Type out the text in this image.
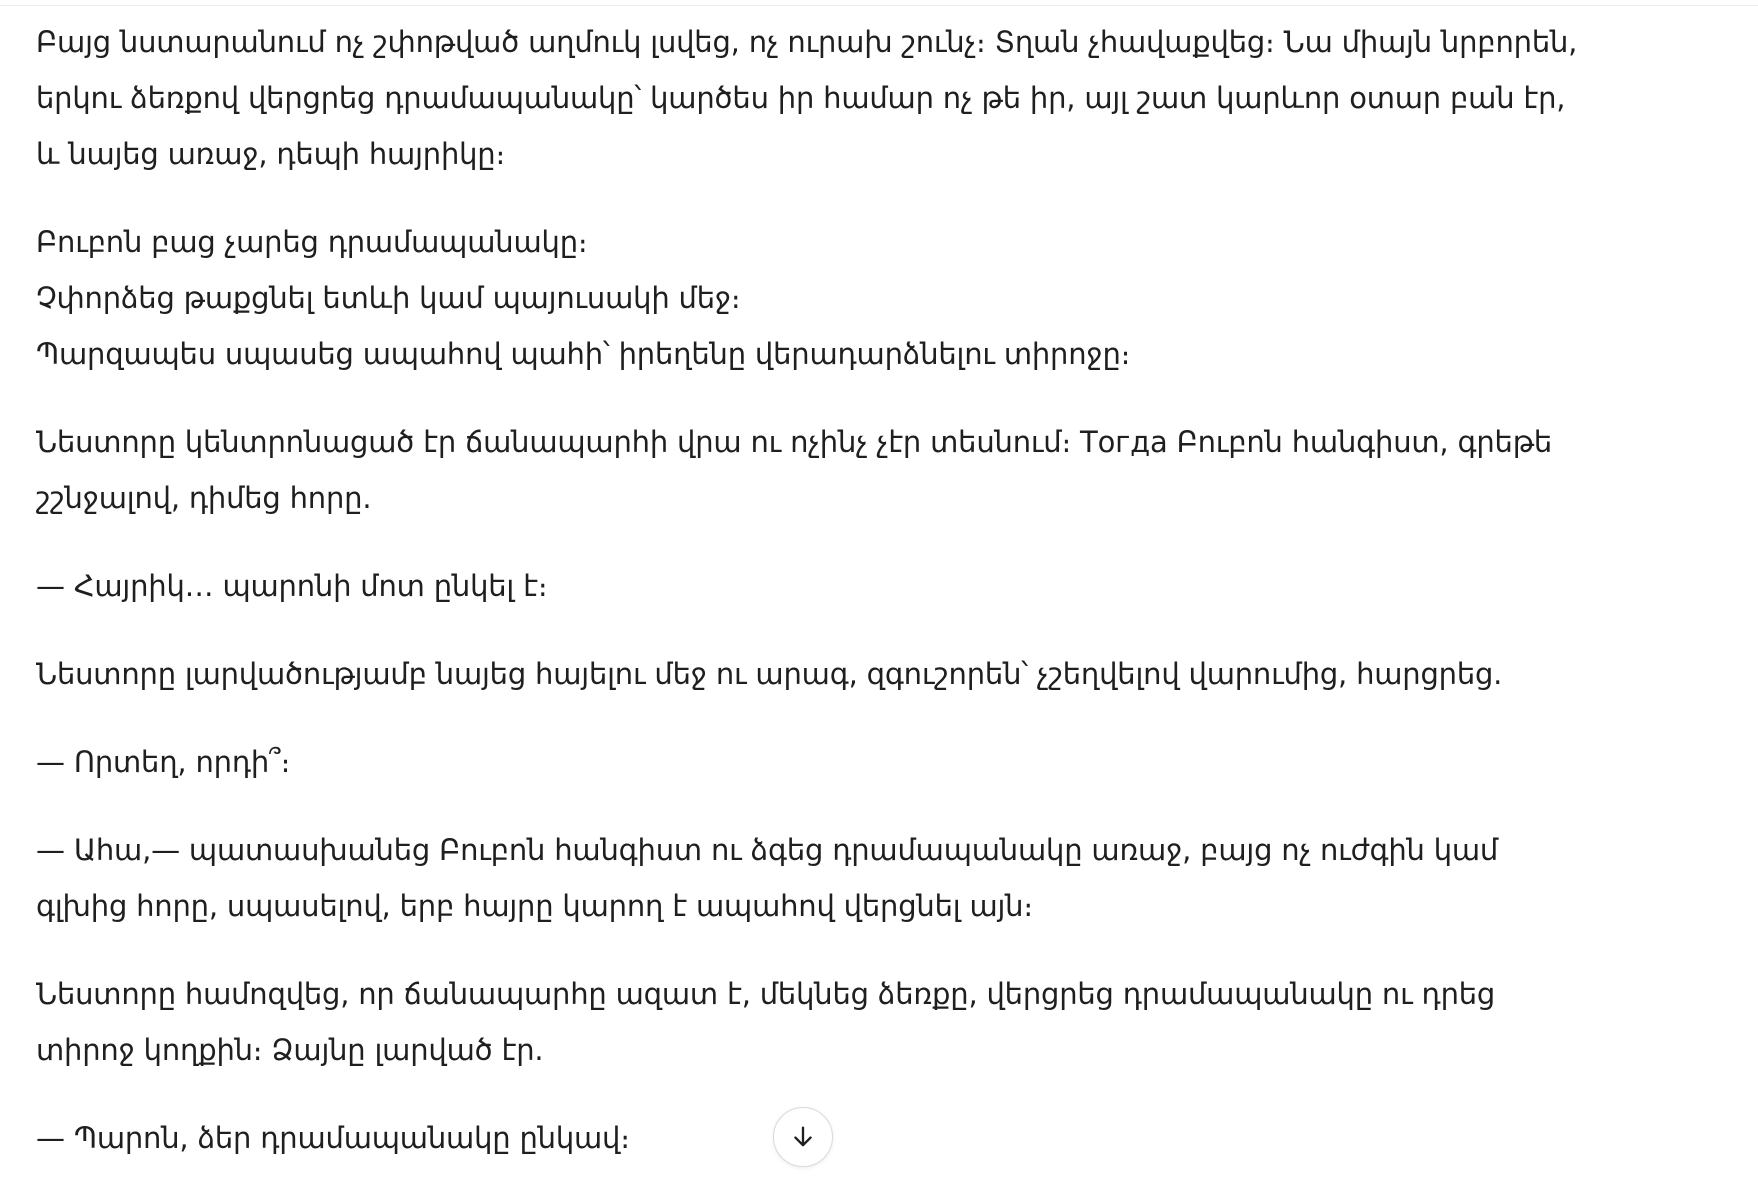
Բայց նստարանում ոչ շփոթված աղմուկ լսվեց, ոչ ուրախ շունչ։ Տղան չհավաքվեց։ Նա միայն նրբորեն,
երկու ձեռքով վերցրեց դրամապանակը՝ կարծես իր համար ոչ թե իր, այլ շատ կարևոր օտար բան էր,
և նայեց առաջ, դեպի հայրիկը։

Բուբոն բաց չարեց դրամապանակը։
Չփորձեց թաքցնել ետևի կամ պայուսակի մեջ։
Պարզապես սպասեց ապահով պահի՝ իրեղենը վերադարձնելու տիրոջը։

Նեստորը կենտրոնացած էր ճանապարհի վրա ու ոչինչ չէր տեսնում։ Тогда Բուբոն հանգիստ, գրեթե
շշնջալով, դիմեց հորը.

— Հայրիկ… պարոնի մոտ ընկել է։

Նեստորը լարվածությամբ նայեց հայելու մեջ ու արագ, զգուշորեն՝ չշեղվելով վարումից, հարցրեց.

— Որտեղ, որդի՞։

— Ահա,— պատասխանեց Բուբոն հանգիստ ու ձգեց դրամապանակը առաջ, բայց ոչ ուժգին կամ
գլխից հորը, սպասելով, երբ հայրը կարող է ապահով վերցնել այն։

Նեստորը համոզվեց, որ ճանապարհը ազատ է, մեկնեց ձեռքը, վերցրեց դրամապանակը ու դրեց
տիրոջ կողքին։ Ձայնը լարված էր.

— Պարոն, ձեր դրամապանակը ընկավ։
